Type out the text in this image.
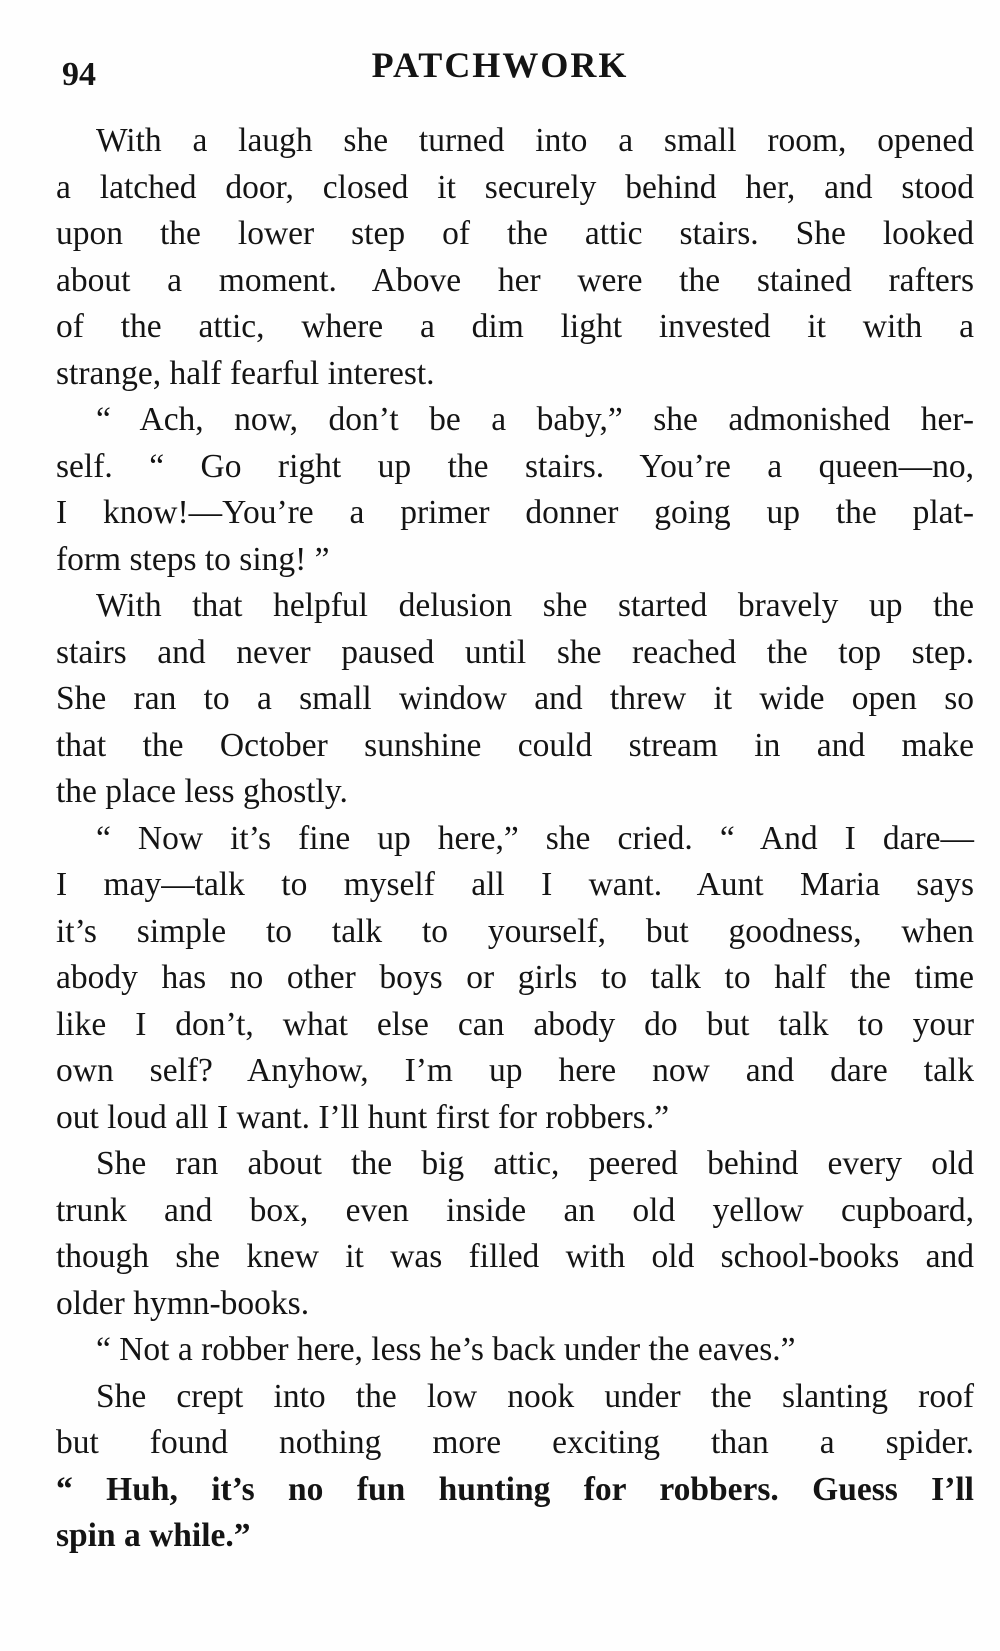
94	PATCHWORK
With a laugh she turned into a small room, opened
a latched door, closed it securely behind her, and stood
upon the lower step of the attic stairs. She looked
about a moment. Above her were the stained rafters
of the attic, where a dim light invested it with a
strange, half fearful interest.
“ Ach, now, don’t be a baby,” she admonished her-
self. “ Go right up the stairs. You’re a queen—no,
I know!—You’re a primer donner going up the plat-
form steps to sing! ”
With that helpful delusion she started bravely up the
stairs and never paused until she reached the top step.
She ran to a small window and threw it wide open so
that the October sunshine could stream in and make
the place less ghostly.
“ Now it’s fine up here,” she cried. “ And I dare—
I may—talk to myself all I want. Aunt Maria says
it’s simple to talk to yourself, but goodness, when
abody has no other boys or girls to talk to half the time
like I don’t, what else can abody do but talk to your
own self? Anyhow, I’m up here now and dare talk
out loud all I want. I’ll hunt first for robbers.”
She ran about the big attic, peered behind every old
trunk and box, even inside an old yellow cupboard,
though she knew it was filled with old school-books and
older hymn-books.
“ Not a robber here, less he’s back under the eaves.”
She crept into the low nook under the slanting roof
but found nothing more exciting than a spider.
“ Huh, it’s no fun hunting for robbers. Guess I’ll
spin a while.”
